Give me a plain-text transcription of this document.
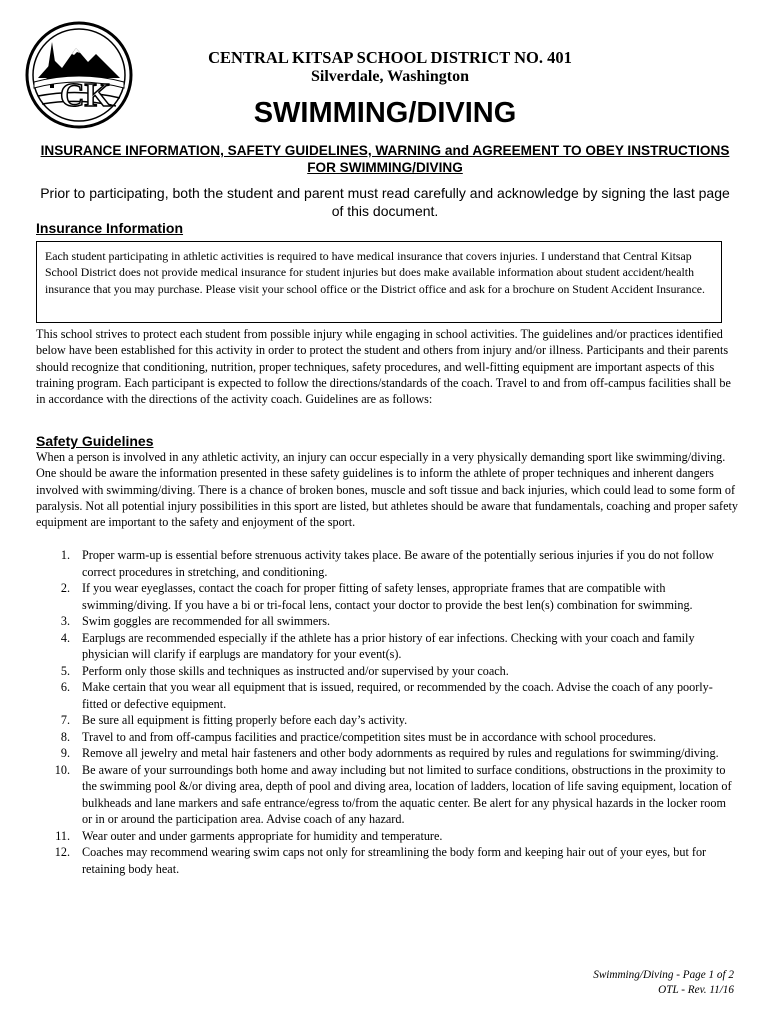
CK
CENTRAL KITSAP SCHOOL DISTRICT NO. 401
Silverdale, Washington
SWIMMING/DIVING
INSURANCE INFORMATION, SAFETY GUIDELINES, WARNING and AGREEMENT TO OBEY INSTRUCTIONS FOR SWIMMING/DIVING
Prior to participating, both the student and parent must read carefully and acknowledge by signing the last page of this document.
Insurance Information
Each student participating in athletic activities is required to have medical insurance that covers injuries. I understand that Central Kitsap School District does not provide medical insurance for student injuries but does make available information about student accident/health insurance that you may purchase. Please visit your school office or the District office and ask for a brochure on Student Accident Insurance.
This school strives to protect each student from possible injury while engaging in school activities. The guidelines and/or practices identified below have been established for this activity in order to protect the student and others from injury and/or illness. Participants and their parents should recognize that conditioning, nutrition, proper techniques, safety procedures, and well-fitting equipment are important aspects of this training program. Each participant is expected to follow the directions/standards of the coach. Travel to and from off-campus facilities shall be in accordance with the directions of the activity coach. Guidelines are as follows:
Safety Guidelines
When a person is involved in any athletic activity, an injury can occur especially in a very physically demanding sport like swimming/diving. One should be aware the information presented in these safety guidelines is to inform the athlete of proper techniques and inherent dangers involved with swimming/diving. There is a chance of broken bones, muscle and soft tissue and back injuries, which could lead to some form of paralysis. Not all potential injury possibilities in this sport are listed, but athletes should be aware that fundamentals, coaching and proper safety equipment are important to the safety and enjoyment of the sport.
1. Proper warm-up is essential before strenuous activity takes place. Be aware of the potentially serious injuries if you do not follow correct procedures in stretching, and conditioning.
2. If you wear eyeglasses, contact the coach for proper fitting of safety lenses, appropriate frames that are compatible with swimming/diving. If you have a bi or tri-focal lens, contact your doctor to provide the best len(s) combination for swimming.
3. Swim goggles are recommended for all swimmers.
4. Earplugs are recommended especially if the athlete has a prior history of ear infections. Checking with your coach and family physician will clarify if earplugs are mandatory for your event(s).
5. Perform only those skills and techniques as instructed and/or supervised by your coach.
6. Make certain that you wear all equipment that is issued, required, or recommended by the coach. Advise the coach of any poorly-fitted or defective equipment.
7. Be sure all equipment is fitting properly before each day’s activity.
8. Travel to and from off-campus facilities and practice/competition sites must be in accordance with school procedures.
9. Remove all jewelry and metal hair fasteners and other body adornments as required by rules and regulations for swimming/diving.
10. Be aware of your surroundings both home and away including but not limited to surface conditions, obstructions in the proximity to the swimming pool &/or diving area, depth of pool and diving area, location of ladders, location of life saving equipment, location of bulkheads and lane markers and safe entrance/egress to/from the aquatic center. Be alert for any physical hazards in the locker room or in or around the participation area. Advise coach of any hazard.
11. Wear outer and under garments appropriate for humidity and temperature.
12. Coaches may recommend wearing swim caps not only for streamlining the body form and keeping hair out of your eyes, but for retaining body heat.
Swimming/Diving - Page 1 of 2
OTL - Rev. 11/16
